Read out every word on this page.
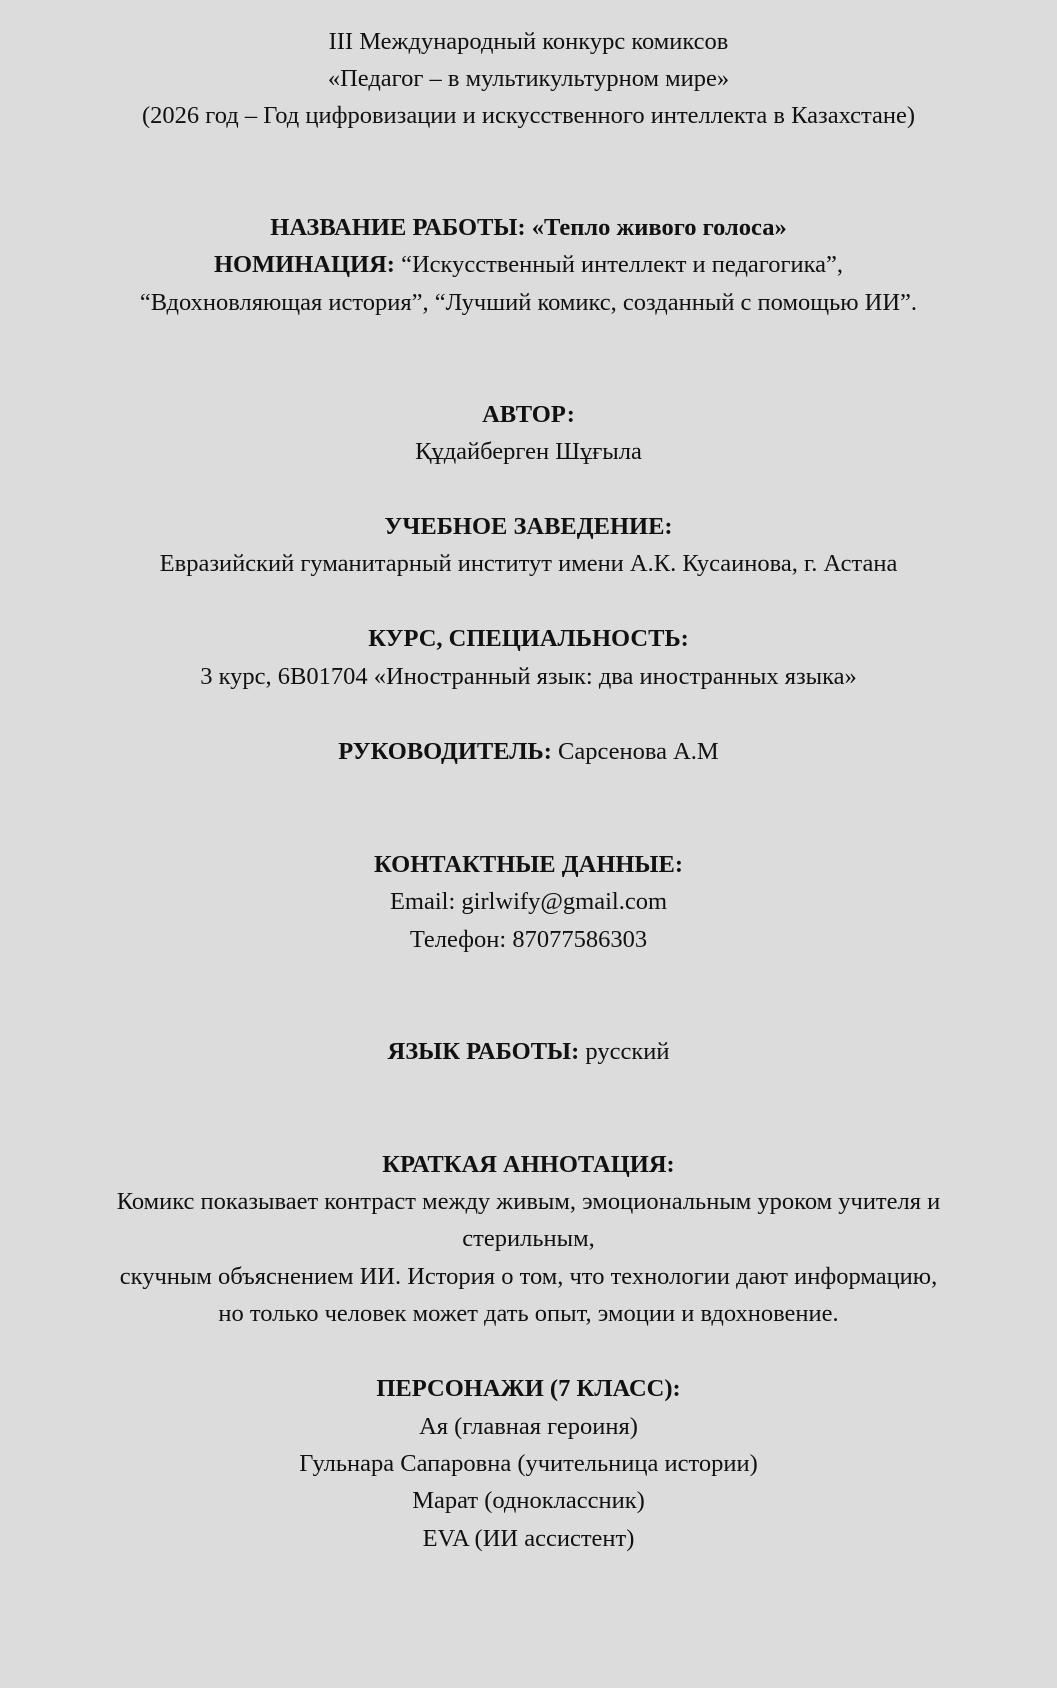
III Международный конкурс комиксов
«Педагог – в мультикультурном мире»
(2026 год – Год цифровизации и искусственного интеллекта в Казахстане)
НАЗВАНИЕ РАБОТЫ: «Тепло живого голоса»
НОМИНАЦИЯ: “Искусственный интеллект и педагогика”,
“Вдохновляющая история”, “Лучший комикс, созданный с помощью ИИ”.
АВТОР:
Құдайберген Шұғыла
УЧЕБНОЕ ЗАВЕДЕНИЕ:
Евразийский гуманитарный институт имени А.К. Кусаинова, г. Астана
КУРС, СПЕЦИАЛЬНОСТЬ:
3 курс, 6В01704 «Иностранный язык: два иностранных языка»
РУКОВОДИТЕЛЬ: Сарсенова А.М
КОНТАКТНЫЕ ДАННЫЕ:
Email: girlwify@gmail.com
Телефон: 87077586303
ЯЗЫК РАБОТЫ: русский
КРАТКАЯ АННОТАЦИЯ:
Комикс показывает контраст между живым, эмоциональным уроком учителя и
стерильным,
скучным объяснением ИИ. История о том, что технологии дают информацию,
но только человек может дать опыт, эмоции и вдохновение.
ПЕРСОНАЖИ (7 КЛАСС):
Ая (главная героиня)
Гульнара Сапаровна (учительница истории)
Марат (одноклассник)
EVA (ИИ ассистент)
